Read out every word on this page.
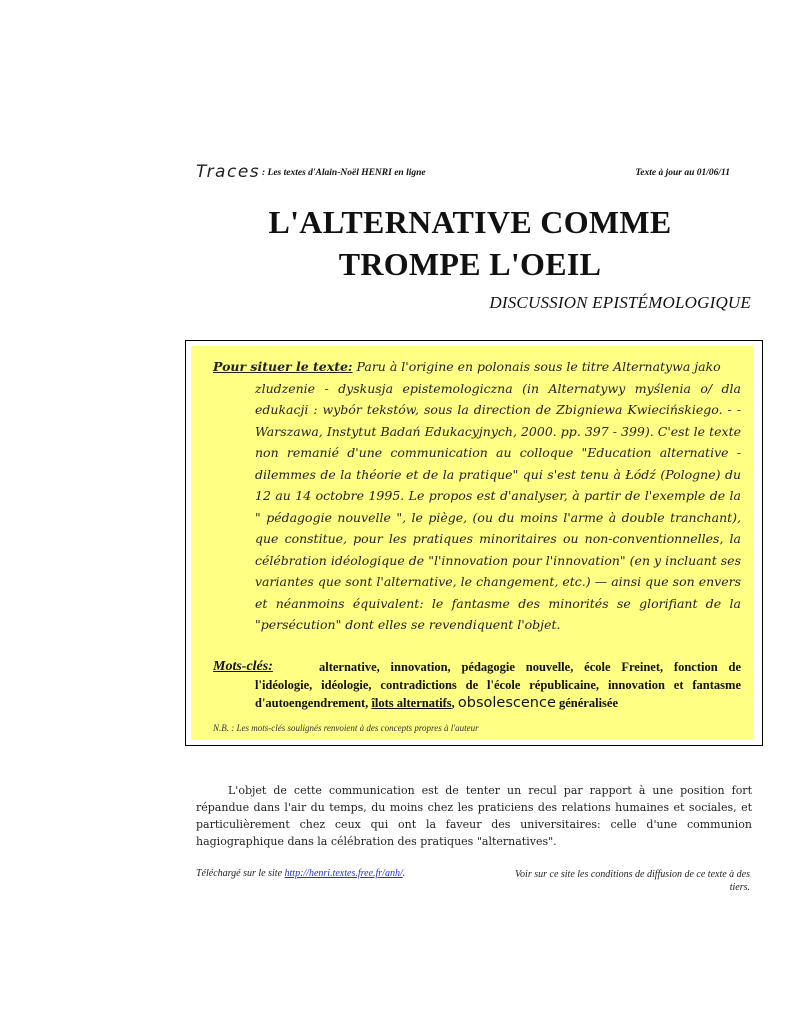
Traces : Les textes d'Alain-Noël HENRI en ligne	Texte à jour au 01/06/11
L'ALTERNATIVE COMME
TROMPE L'OEIL
DISCUSSION EPISTÉMOLOGIQUE
Pour situer le texte: Paru à l'origine en polonais sous le titre Alternatywa jako
zludzenie - dyskusja epistemologiczna (in Alternatywy myślenia o/ dla edukacji : wybór tekstów, sous la direction de Zbigniewa Kwiecińskiego. - - Warszawa, Instytut Badań Edukacyjnych, 2000. pp. 397 - 399). C'est le texte non remanié d'une communication au colloque "Education alternative - dilemmes de la théorie et de la pratique" qui s'est tenu à Łódź (Pologne) du 12 au 14 octobre 1995. Le propos est d'analyser, à partir de l'exemple de la " pédagogie nouvelle ", le piège, (ou du moins l'arme à double tranchant), que constitue, pour les pratiques minoritaires ou non-conventionnelles, la célébration idéologique de "l'innovation pour l'innovation" (en y incluant ses variantes que sont l'alternative, le changement, etc.) — ainsi que son envers et néanmoins équivalent: le fantasme des minorités se glorifiant de la "persécution" dont elles se revendiquent l'objet.
Mots-clés:	alternative, innovation, pédagogie nouvelle, école Freinet, fonction de l'idéologie, idéologie, contradictions de l'école républicaine, innovation et fantasme d'autoengendrement, îlots alternatifs, obsolescence généralisée
N.B. : Les mots-clés soulignés renvoient à des concepts propres à l'auteur
L'objet de cette communication est de tenter un recul par rapport à une position fort répandue dans l'air du temps, du moins chez les praticiens des relations humaines et sociales, et particulièrement chez ceux qui ont la faveur des universitaires: celle d'une communion hagiographique dans la célébration des pratiques "alternatives".
Téléchargé sur le site http://henri.textes.free.fr/anh/.	Voir sur ce site les conditions de diffusion de ce texte à des tiers.
